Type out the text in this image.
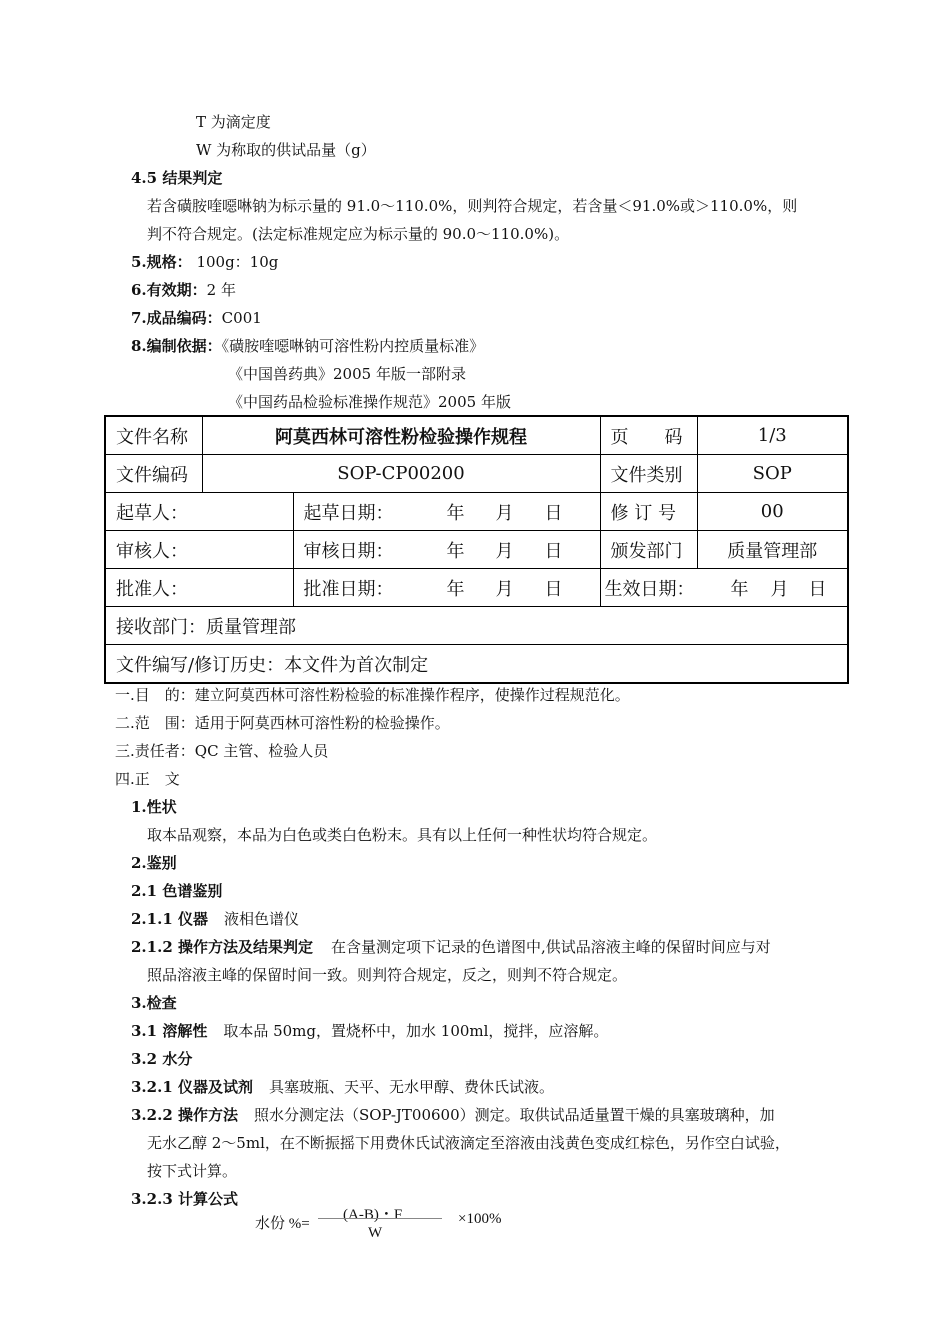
T 为滴定度
W 为称取的供试品量（g）
4.5 结果判定
若含磺胺喹噁啉钠为标示量的 91.0～110.0%，则判符合规定，若含量＜91.0%或＞110.0%，则
判不符合规定。(法定标准规定应为标示量的 90.0～110.0%)。
5.规格： 100g：10g
6.有效期：2 年
7.成品编码：C001
8.编制依据：《磺胺喹噁啉钠可溶性粉内控质量标准》
《中国兽药典》2005 年版一部附录
《中国药品检验标准操作规范》2005 年版
文件名称	阿莫西林可溶性粉检验操作规程		页　　码	1/3
文件编码	SOP-CP00200		文件类别	SOP
起草人：		起草日期： 年 月 日	修 订 号	00
审核人：		审核日期： 年 月 日	颁发部门	质量管理部
批准人：		批准日期： 年 月 日	生效日期： 年 月 日	
接收部门：质量管理部				
文件编写/修订历史：本文件为首次制定				
一.目　的：建立阿莫西林可溶性粉检验的标准操作程序，使操作过程规范化。
二.范　围：适用于阿莫西林可溶性粉的检验操作。
三.责任者：QC 主管、检验人员
四.正　文
1.性状
取本品观察，本品为白色或类白色粉末。具有以上任何一种性状均符合规定。
2.鉴别
2.1 色谱鉴别
2.1.1 仪器 液相色谱仪
2.1.2 操作方法及结果判定 在含量测定项下记录的色谱图中,供试品溶液主峰的保留时间应与对
照品溶液主峰的保留时间一致。则判符合规定，反之，则判不符合规定。
3.检查
3.1 溶解性 取本品 50mg，置烧杯中，加水 100ml，搅拌，应溶解。
3.2 水分
3.2.1 仪器及试剂 具塞玻瓶、天平、无水甲醇、费休氏试液。
3.2.2 操作方法 照水分测定法（SOP-JT00600）测定。取供试品适量置干燥的具塞玻璃种，加
无水乙醇 2～5ml，在不断振摇下用费休氏试液滴定至溶液由浅黄色变成红棕色，另作空白试验，
按下式计算。
3.2.3 计算公式
水份 %=
(A-B)・F
W
×100%
